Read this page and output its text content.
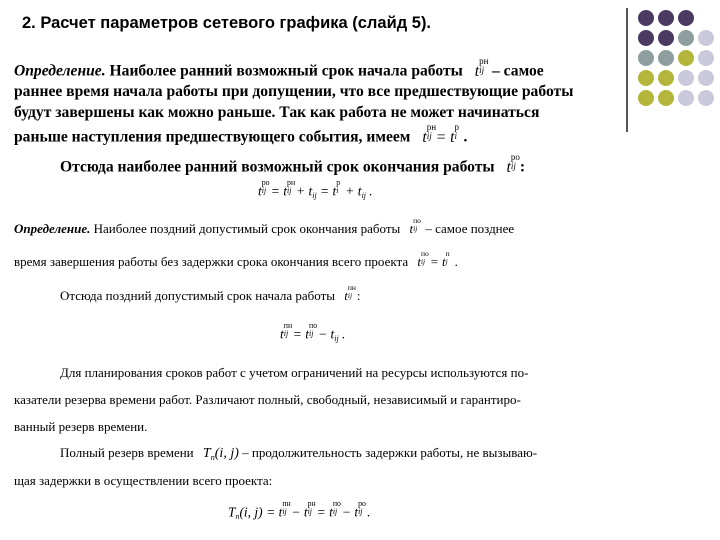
2. Расчет параметров сетевого графика (слайд 5).
Определение. Наиболее ранний возможный срок начала работы t
рн
ij – самое
раннее время начала работы при допущении, что все предшествующие работы
будут завершены как можно раньше. Так как работа не может начинаться
раньше наступления предшествующего события, имеем t
рн
ij = t
р
i .
Отсюда наиболее ранний возможный срок окончания работы t
ро
ij :
t
ро
ij = t
рн
ij + $t_{ij} = t$
р
$i + t_{ij}$ .
Определение. Наиболее поздний допустимый срок окончания работы t
по
ij – самое позднее
время завершения работы без задержки срока окончания всего проекта t
по
ij = t
п
j .
Отсюда поздний допустимый срок начала работы t
пн
ij :
t
пн
ij = t
по
ij − $t_{ij}$ .
Для планирования сроков работ с учетом ограничений на ресурсы используются по-
казатели резерва времени работ. Различают полный, свободный, независимый и гарантиро-
ванный резерв времени.
Полный резерв времени $T_п(i$, j) – продолжительность задержки работы, не вызываю-
щая задержки в осуществлении всего проекта:
$T_п(i$, j) = t
пн
ij − t
рн
ij = t
по
ij − t
ро
ij .
